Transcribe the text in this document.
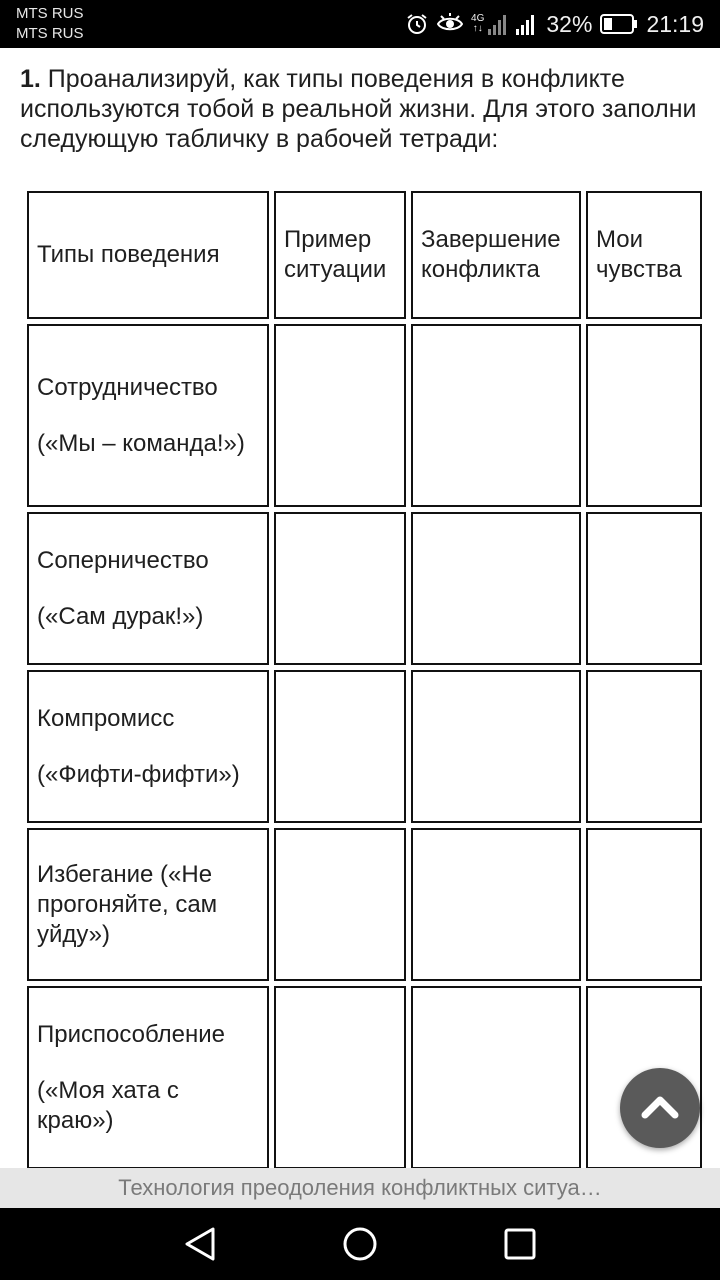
MTS RUS
MTS RUS
4G
↑↓	32% 21:19
1. Проанализируй, как типы поведения в конфликте используются тобой в реальной жизни. Для этого заполни следующую табличку в рабочей тетради:
Типы поведения	Пример ситуации	Завершение конфликта	Мои чувства

Сотрудничество
(«Мы – команда!»)			

Соперничество
(«Сам дурак!»)			

Компромисс
(«Фифти-фифти»)			

Избегание («Не прогоняйте, сам уйду»)			

Приспособление
(«Моя хата с краю»)			

Технология преодоления конфликтных ситуа…
